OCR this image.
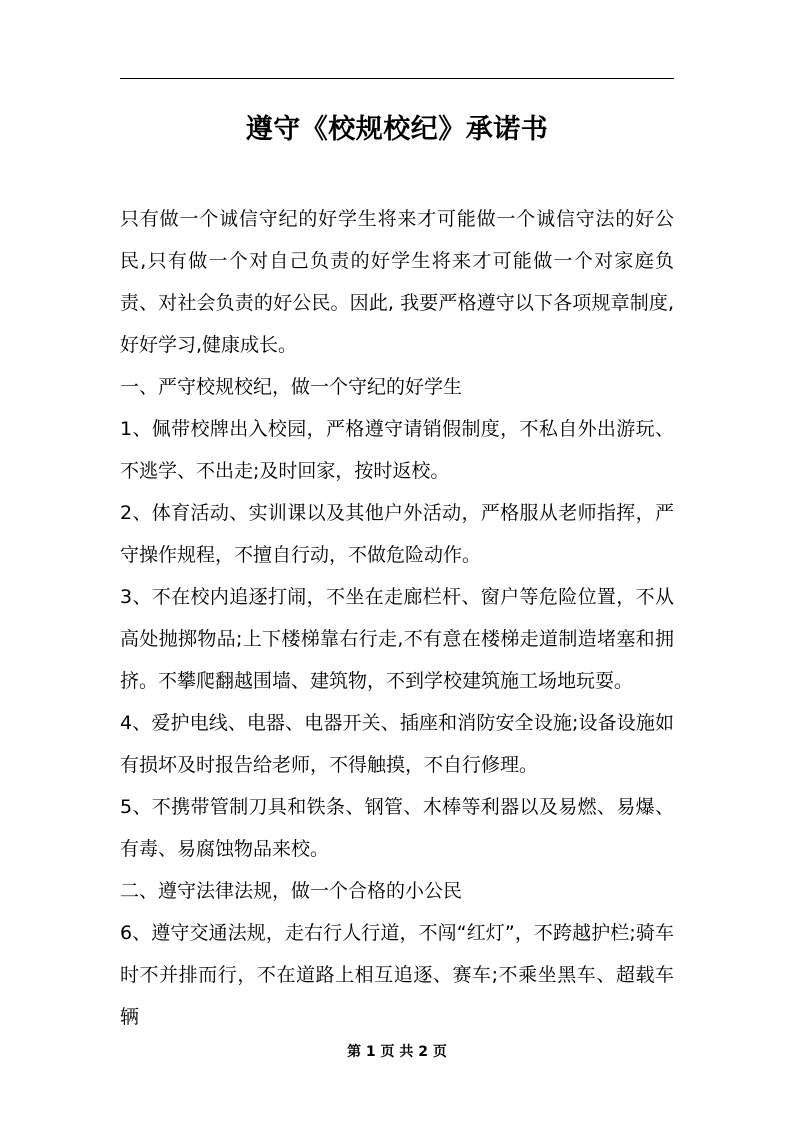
遵守《校规校纪》承诺书

只有做一个诚信守纪的好学生将来才可能做一个诚信守法的好公民,只有做一个对自己负责的好学生将来才可能做一个对家庭负责、对社会负责的好公民。因此, 我要严格遵守以下各项规章制度, 好好学习,健康成长。

一、严守校规校纪，做一个守纪的好学生

1、佩带校牌出入校园，严格遵守请销假制度，不私自外出游玩、不逃学、不出走;及时回家，按时返校。

2、体育活动、实训课以及其他户外活动，严格服从老师指挥，严守操作规程，不擅自行动，不做危险动作。

3、不在校内追逐打闹，不坐在走廊栏杆、窗户等危险位置，不从高处抛掷物品;上下楼梯靠右行走,不有意在楼梯走道制造堵塞和拥挤。不攀爬翻越围墙、建筑物，不到学校建筑施工场地玩耍。

4、爱护电线、电器、电器开关、插座和消防安全设施;设备设施如有损坏及时报告给老师，不得触摸，不自行修理。

5、不携带管制刀具和铁条、钢管、木棒等利器以及易燃、易爆、有毒、易腐蚀物品来校。

二、遵守法律法规，做一个合格的小公民

6、遵守交通法规，走右行人行道，不闯“红灯”，不跨越护栏;骑车时不并排而行，不在道路上相互追逐、赛车;不乘坐黑车、超载车辆

第 1 页 共 2 页
